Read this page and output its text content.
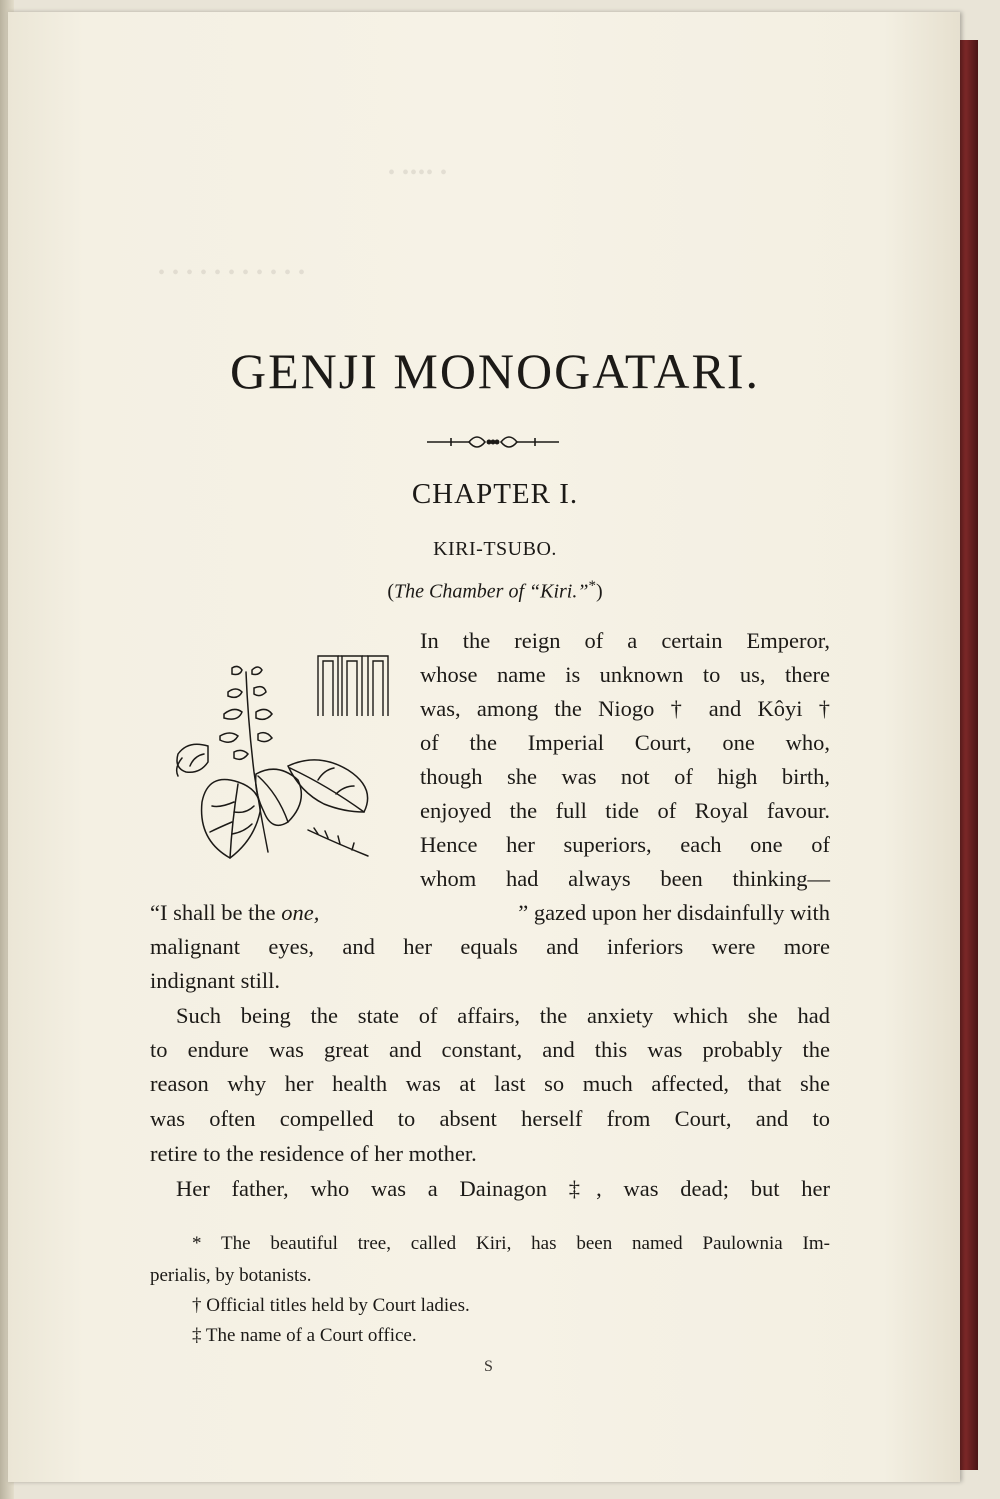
• •••• •
• • • • • • • • • • •
GENJI MONOGATARI.
CHAPTER I.
KIRI-TSUBO.
(The Chamber of “Kiri.”*)
In the reign of a certain Emperor,
whose name is unknown to us, there
was, among the Niogo † and Kôyi †
of the Imperial Court, one who,
though she was not of high birth,
enjoyed the full tide of Royal favour.
Hence her superiors, each one of
whom had always been thinking—
“I shall be the one,	” gazed upon her disdainfully with
malignant eyes, and her equals and inferiors were more
indignant still.
Such being the state of affairs, the anxiety which she had
to endure was great and constant, and this was probably the
reason why her health was at last so much affected, that she
was often compelled to absent herself from Court, and to
retire to the residence of her mother.
Her father, who was a Dainagon ‡, was dead; but her
* The beautiful tree, called Kiri, has been named Paulownia Im-
perialis, by botanists.
† Official titles held by Court ladies.
‡ The name of a Court office.
S
